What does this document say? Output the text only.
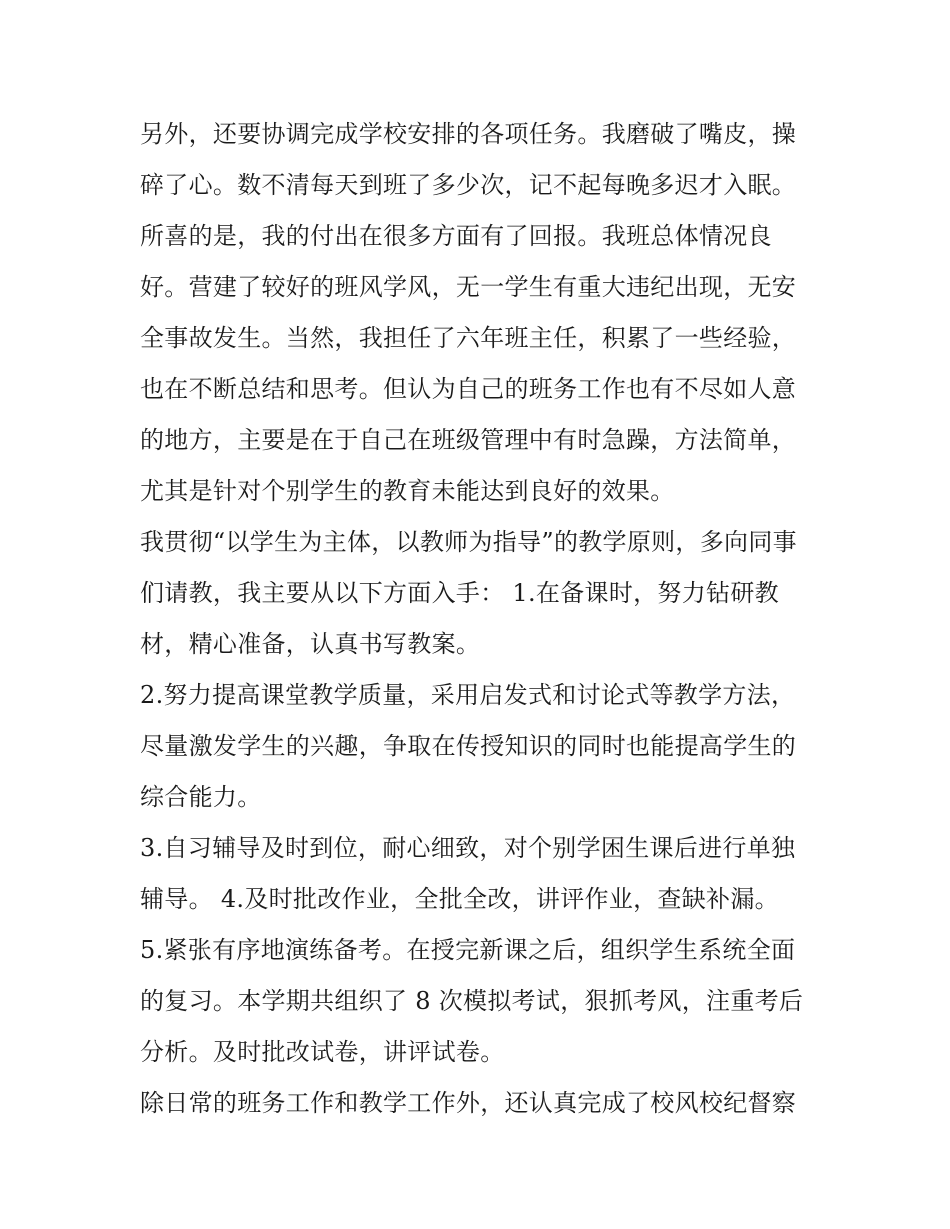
另外，还要协调完成学校安排的各项任务。我磨破了嘴皮，操
碎了心。数不清每天到班了多少次，记不起每晚多迟才入眠。
所喜的是，我的付出在很多方面有了回报。我班总体情况良
好。营建了较好的班风学风，无一学生有重大违纪出现，无安
全事故发生。当然，我担任了六年班主任，积累了一些经验，
也在不断总结和思考。但认为自己的班务工作也有不尽如人意
的地方，主要是在于自己在班级管理中有时急躁，方法简单，
尤其是针对个别学生的教育未能达到良好的效果。
我贯彻“以学生为主体，以教师为指导”的教学原则，多向同事
们请教，我主要从以下方面入手： 1.在备课时，努力钻研教
材，精心准备，认真书写教案。
2.努力提高课堂教学质量，采用启发式和讨论式等教学方法，
尽量激发学生的兴趣，争取在传授知识的同时也能提高学生的
综合能力。
3.自习辅导及时到位，耐心细致，对个别学困生课后进行单独
辅导。 4.及时批改作业，全批全改，讲评作业，查缺补漏。
5.紧张有序地演练备考。在授完新课之后，组织学生系统全面
的复习。本学期共组织了 8 次模拟考试，狠抓考风，注重考后
分析。及时批改试卷，讲评试卷。
除日常的班务工作和教学工作外，还认真完成了校风校纪督察
